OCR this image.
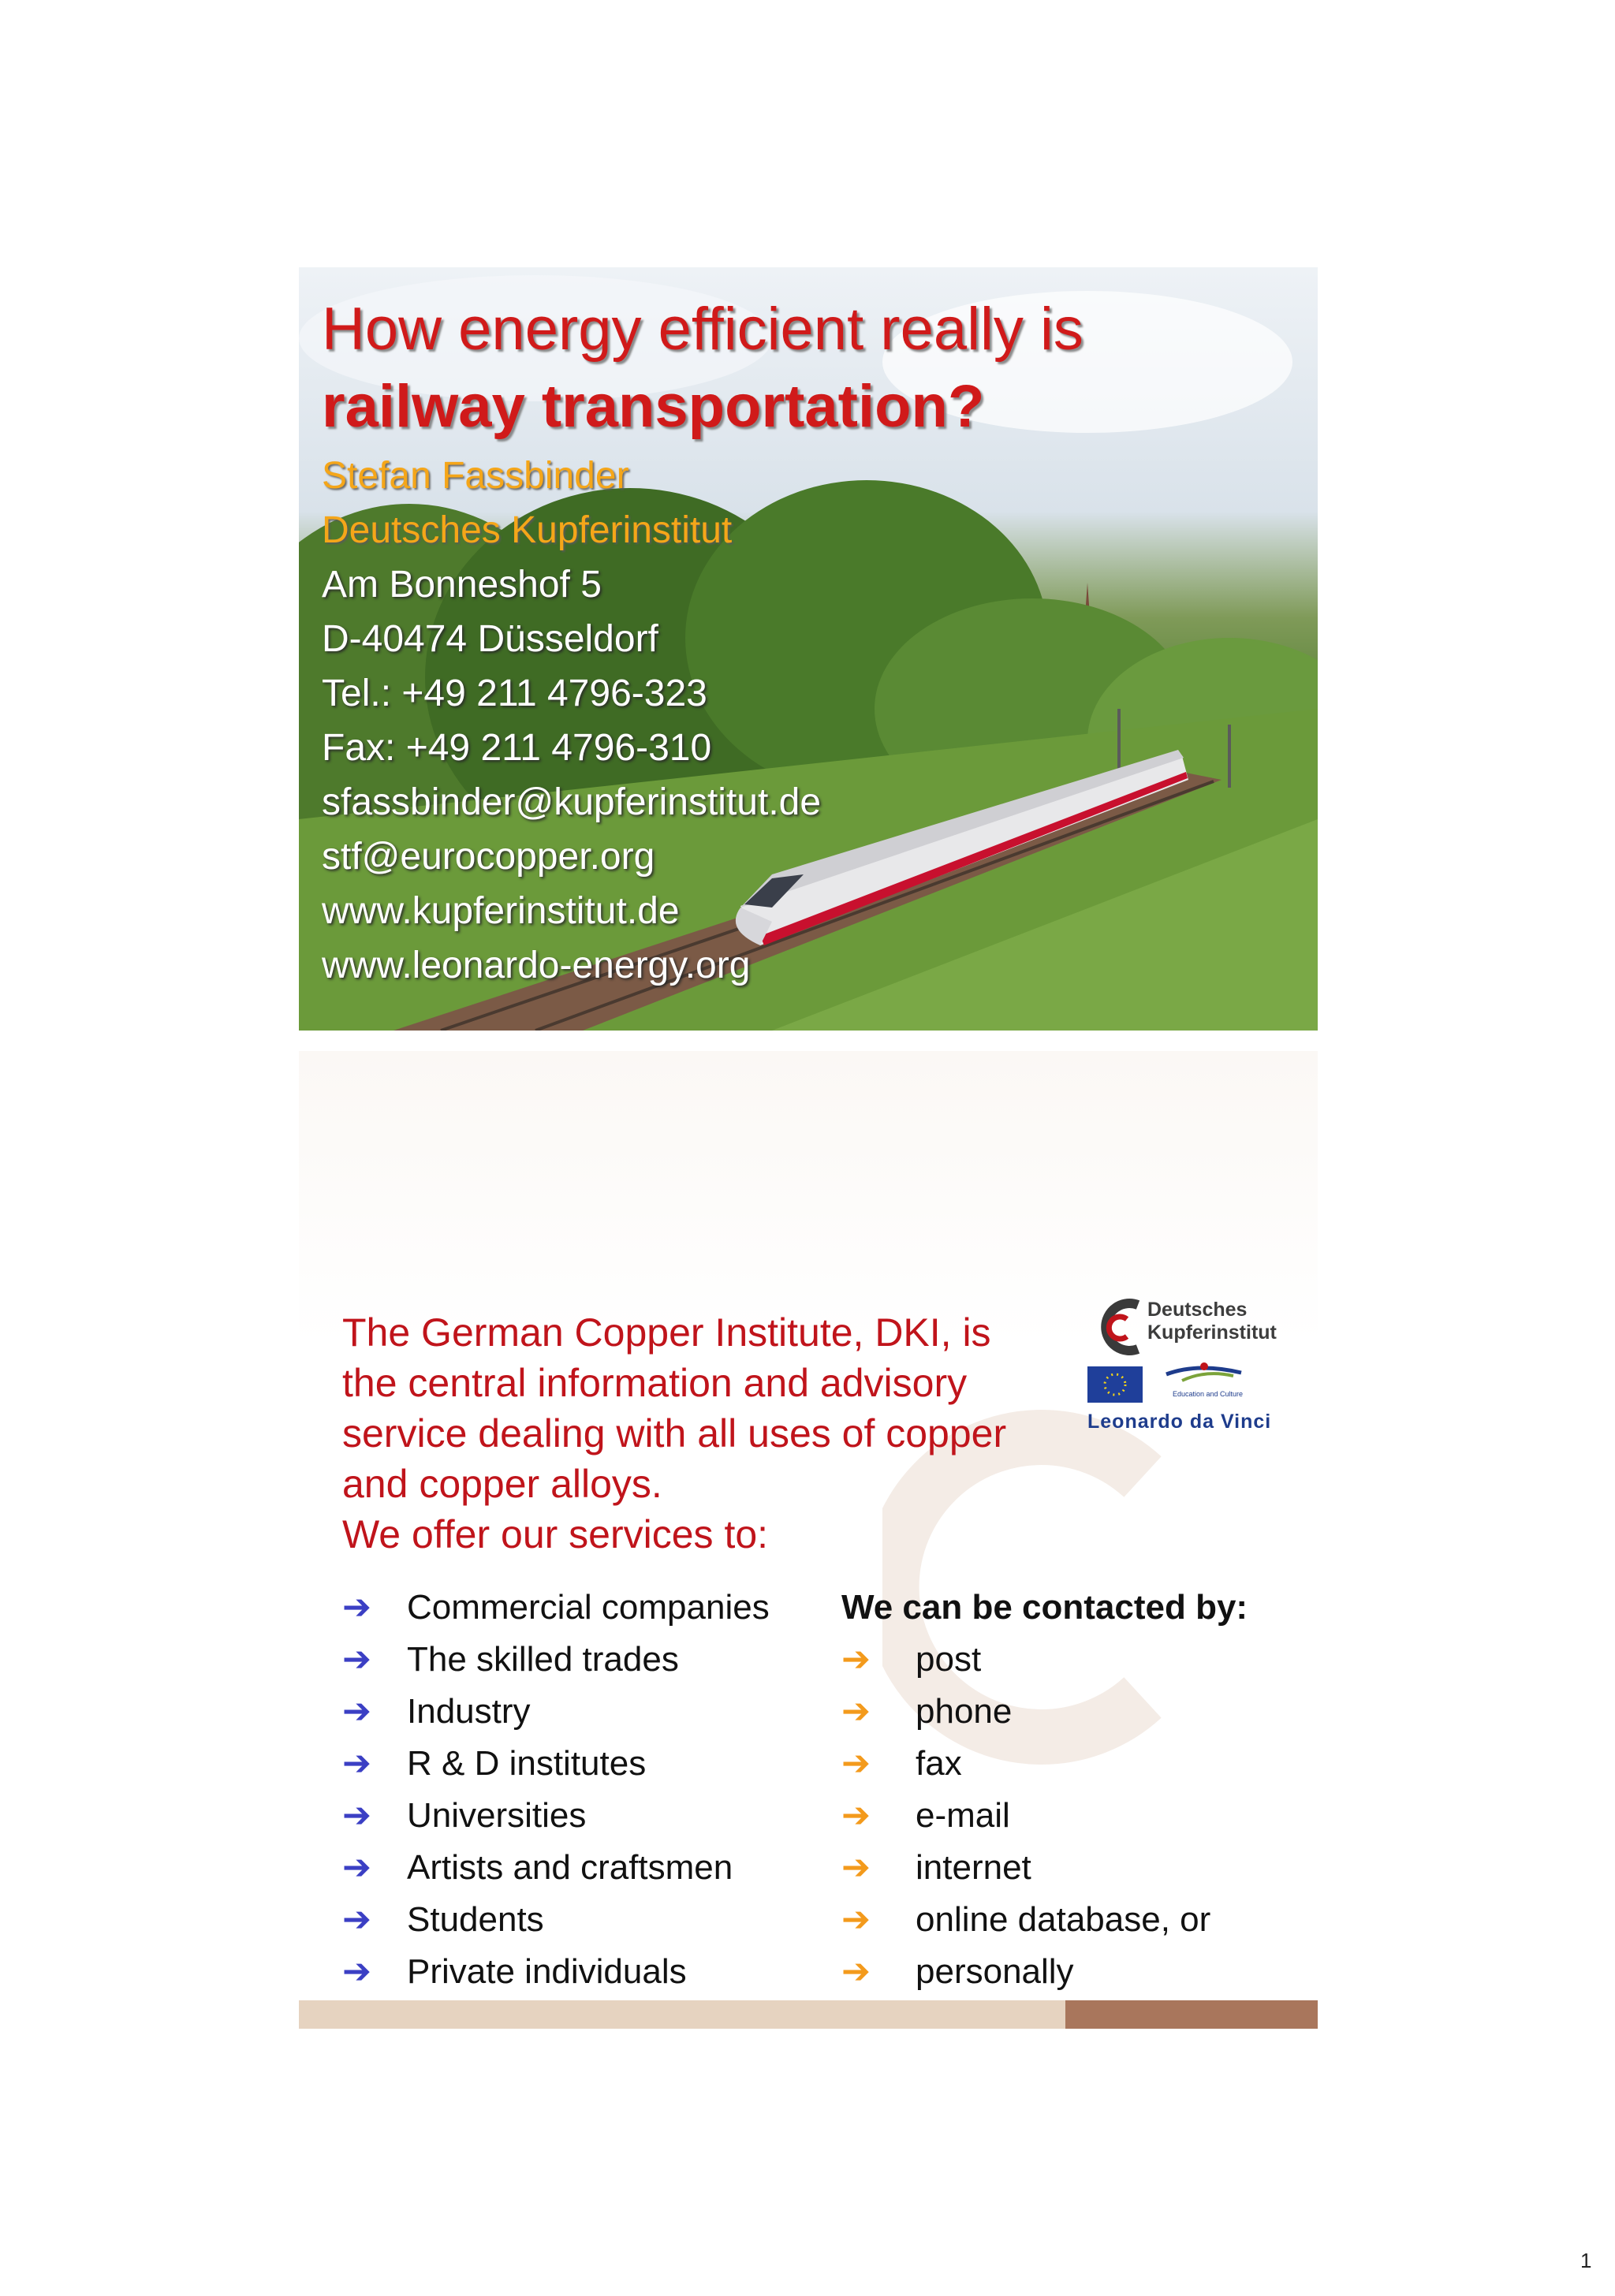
How energy efficient really is
railway transportation?
Stefan Fassbinder
Deutsches Kupferinstitut
Am Bonneshof 5
D-40474 Düsseldorf
Tel.: +49 211 4796-323
Fax: +49 211 4796-310
sfassbinder@kupferinstitut.de
stf@eurocopper.org
www.kupferinstitut.de
www.leonardo-energy.org
The German Copper Institute, DKI, is
the central information and advisory
service dealing with all uses of copper
and copper alloys.
We offer our services to:
Deutsches
Kupferinstitut
Education and Culture
Leonardo da Vinci
➔ Commercial companies
➔ The skilled trades
➔ Industry
➔ R & D institutes
➔ Universities
➔ Artists and craftsmen
➔ Students
➔ Private individuals
We can be contacted by:
➔ post
➔ phone
➔ fax
➔ e-mail
➔ internet
➔ online database, or
➔ personally
1
